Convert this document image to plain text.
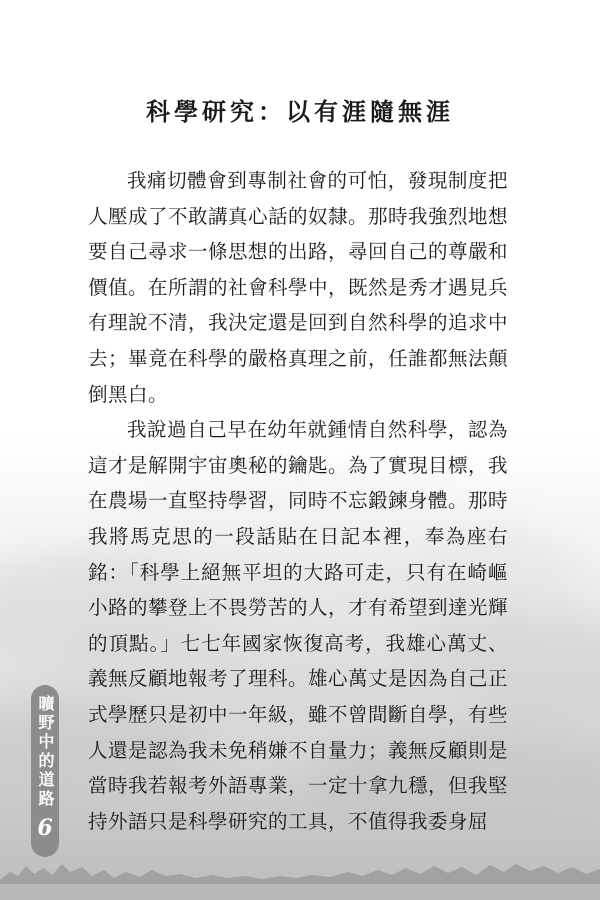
科學研究：以有涯隨無涯

我痛切體會到專制社會的可怕，發現制度把人壓成了不敢講真心話的奴隸。那時我強烈地想要自己尋求一條思想的出路，尋回自己的尊嚴和價值。在所謂的社會科學中，既然是秀才遇見兵有理說不清，我決定還是回到自然科學的追求中去；畢竟在科學的嚴格真理之前，任誰都無法顛倒黑白。

我說過自己早在幼年就鍾情自然科學，認為這才是解開宇宙奧秘的鑰匙。為了實現目標，我在農場一直堅持學習，同時不忘鍛鍊身體。那時我將馬克思的一段話貼在日記本裡，奉為座右銘：「科學上絕無平坦的大路可走，只有在崎嶇小路的攀登上不畏勞苦的人，才有希望到達光輝的頂點。」七七年國家恢復高考，我雄心萬丈、義無反顧地報考了理科。雄心萬丈是因為自己正式學歷只是初中一年級，雖不曾間斷自學，有些人還是認為我未免稍嫌不自量力；義無反顧則是當時我若報考外語專業，一定十拿九穩，但我堅持外語只是科學研究的工具，不值得我委身屈

曠野中的道路
6
